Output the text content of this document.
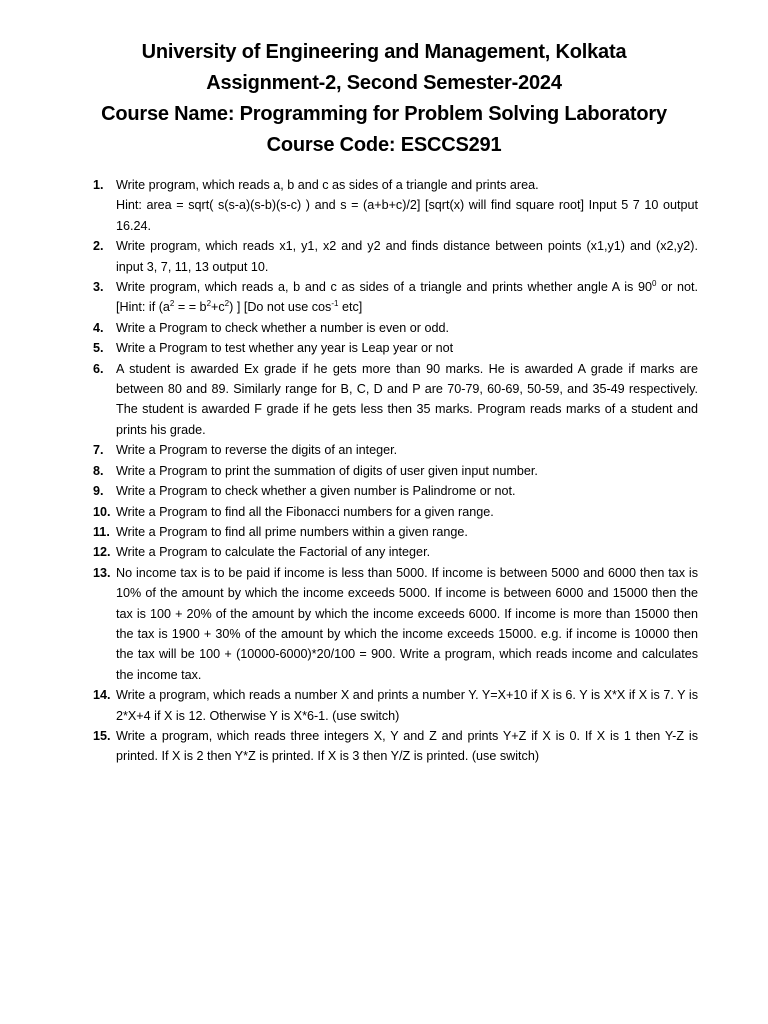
University of Engineering and Management, Kolkata
Assignment-2, Second Semester-2024
Course Name: Programming for Problem Solving Laboratory
Course Code: ESCCS291
1. Write program, which reads a, b and c as sides of a triangle and prints area.
Hint: area = sqrt( s(s-a)(s-b)(s-c) ) and s = (a+b+c)/2] [sqrt(x) will find square root] Input 5 7 10 output 16.24.
2. Write program, which reads x1, y1, x2 and y2 and finds distance between points (x1,y1) and (x2,y2). input 3, 7, 11, 13 output 10.
3. Write program, which reads a, b and c as sides of a triangle and prints whether angle A is $90^0$ or not. [Hint: if ($a^2$ = = $b^2+c^2$) ] [Do not use $\cos^{-1} etc$]
4. Write a Program to check whether a number is even or odd.
5. Write a Program to test whether any year is Leap year or not
6. A student is awarded Ex grade if he gets more than 90 marks. He is awarded A grade if marks are between 80 and 89. Similarly range for B, C, D and P are 70-79, 60-69, 50-59, and 35-49 respectively. The student is awarded F grade if he gets less then 35 marks. Program reads marks of a student and prints his grade.
7. Write a Program to reverse the digits of an integer.
8. Write a Program to print the summation of digits of user given input number.
9. Write a Program to check whether a given number is Palindrome or not.
10. Write a Program to find all the Fibonacci numbers for a given range.
11. Write a Program to find all prime numbers within a given range.
12. Write a Program to calculate the Factorial of any integer.
13. No income tax is to be paid if income is less than 5000. If income is between 5000 and 6000 then tax is 10% of the amount by which the income exceeds 5000. If income is between 6000 and 15000 then the tax is 100 + 20% of the amount by which the income exceeds 6000. If income is more than 15000 then the tax is 1900 + 30% of the amount by which the income exceeds 15000. e.g. if income is 10000 then the tax will be 100 + (10000-6000)*20/100 = 900. Write a program, which reads income and calculates the income tax.
14. Write a program, which reads a number X and prints a number Y. Y=X+10 if X is 6. Y is X*X if X is 7. Y is 2*X+4 if X is 12. Otherwise Y is X*6-1. (use switch)
15. Write a program, which reads three integers X, Y and Z and prints Y+Z if X is 0. If X is 1 then Y-Z is printed. If X is 2 then Y*Z is printed. If X is 3 then Y/Z is printed. (use switch)
